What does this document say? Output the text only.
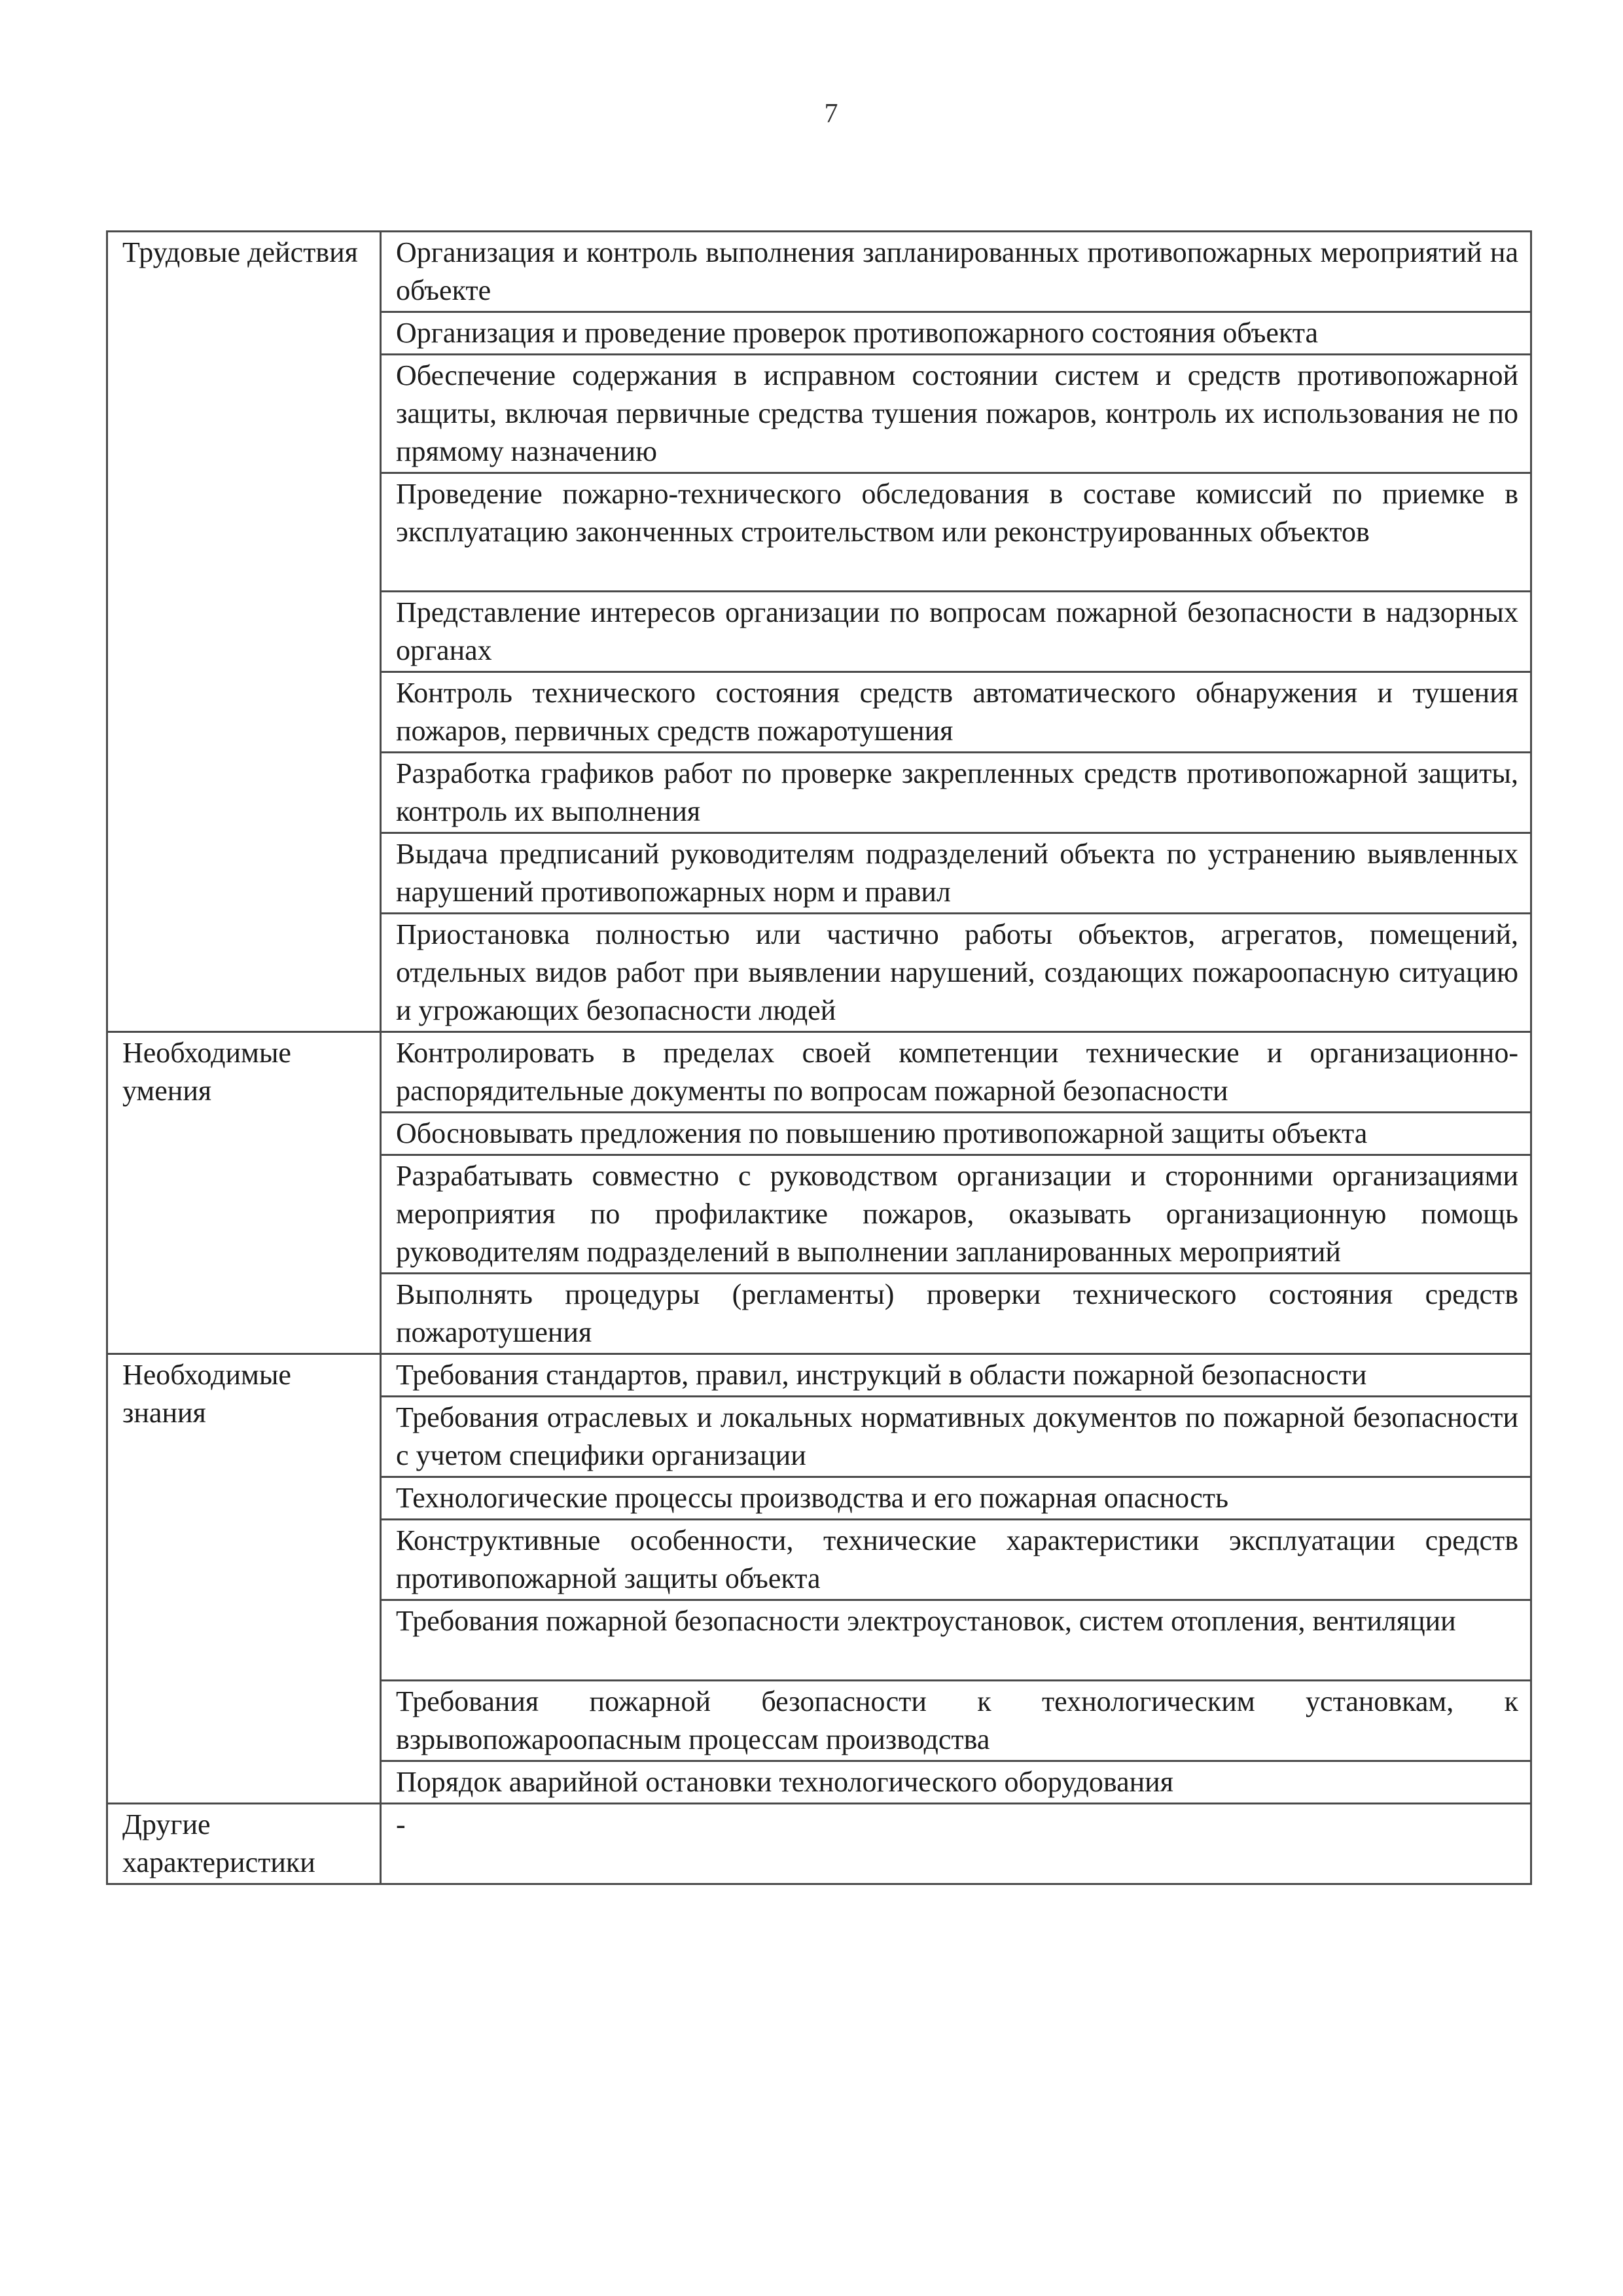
7
Трудовые действия	Организация и контроль выполнения запланированных противопожарных мероприятий на объекте
	Организация и проведение проверок противопожарного состояния объекта
	Обеспечение содержания в исправном состоянии систем и средств противопожарной защиты, включая первичные средства тушения пожаров, контроль их использования не по прямому назначению
	Проведение пожарно-технического обследования в составе комиссий по приемке в эксплуатацию законченных строительством или реконструированных объектов
	Представление интересов организации по вопросам пожарной безопасности в надзорных органах
	Контроль технического состояния средств автоматического обнаружения и тушения пожаров, первичных средств пожаротушения
	Разработка графиков работ по проверке закрепленных средств противопожарной защиты, контроль их выполнения
	Выдача предписаний руководителям подразделений объекта по устранению выявленных нарушений противопожарных норм и правил
	Приостановка полностью или частично работы объектов, агрегатов, помещений, отдельных видов работ при выявлении нарушений, создающих пожароопасную ситуацию и угрожающих безопасности людей
Необходимые умения	Контролировать в пределах своей компетенции технические и организационно-распорядительные документы по вопросам пожарной безопасности
	Обосновывать предложения по повышению противопожарной защиты объекта
	Разрабатывать совместно с руководством организации и сторонними организациями мероприятия по профилактике пожаров, оказывать организационную помощь руководителям подразделений в выполнении запланированных мероприятий
	Выполнять процедуры (регламенты) проверки технического состояния средств пожаротушения
Необходимые знания	Требования стандартов, правил, инструкций в области пожарной безопасности
	Требования отраслевых и локальных нормативных документов по пожарной безопасности с учетом специфики организации
	Технологические процессы производства и его пожарная опасность
	Конструктивные особенности, технические характеристики эксплуатации средств противопожарной защиты объекта
	Требования пожарной безопасности электроустановок, систем отопления, вентиляции
	Требования пожарной безопасности к технологическим установкам, к взрывопожароопасным процессам производства
	Порядок аварийной остановки технологического оборудования
Другие характеристики	-
